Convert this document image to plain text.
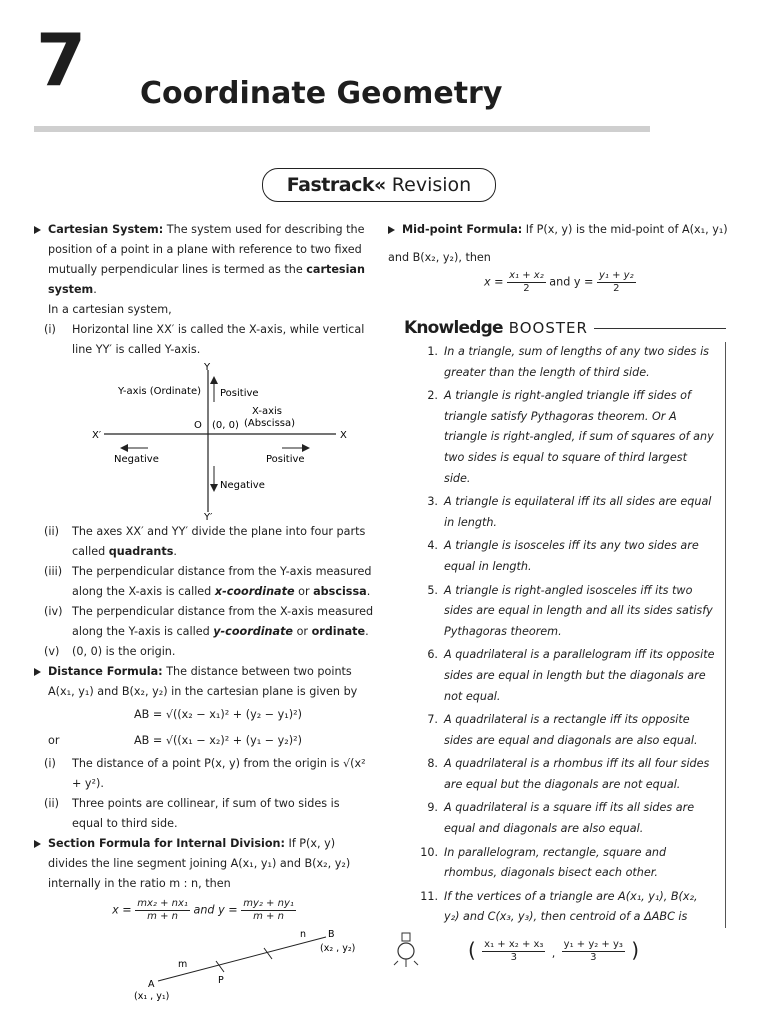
7 Coordinate Geometry
Fastrack« Revision
Cartesian System: The system used for describing the position of a point in a plane with reference to two fixed mutually perpendicular lines is termed as the cartesian system.
In a cartesian system,
(i)	Horizontal line XX′ is called the X-axis, while vertical line YY′ is called Y-axis.
Y
Y′
X′	X
Y-axis (Ordinate)
X-axis
(Abscissa)
O (0, 0)
Positive
Positive
Negative
Negative
(ii)	The axes XX′ and YY′ divide the plane into four parts called quadrants.
(iii) The perpendicular distance from the Y-axis measured along the X-axis is called x-coordinate or abscissa.
(iv) The perpendicular distance from the X-axis measured along the Y-axis is called y-coordinate or ordinate.
(v)	(0, 0) is the origin.
Distance Formula: The distance between two points A(x₁, y₁) and B(x₂, y₂) in the cartesian plane is given by
AB = √((x₂ − x₁)² + (y₂ − y₁)²)
or	AB = √((x₁ − x₂)² + (y₁ − y₂)²)
(i)	The distance of a point P(x, y) from the origin is √(x² + y²).
(ii)	Three points are collinear, if sum of two sides is equal to third side.
Section Formula for Internal Division: If P(x, y) divides the line segment joining A(x₁, y₁) and B(x₂, y₂) internally in the ratio m : n, then
$x = \frac{\text{mx₂ + nx₁}}{m + n}$ and $y = \frac{\text{my₂ + ny₁}}{m + n}$
A
(x₁ , y₁)
B
(x₂ , y₂)
P
m
n
Mid-point Formula: If P(x, y) is the mid-point of A(x₁, y₁)
and B(x₂, y₂), then
$x = \frac{\text{x₁ + x₂}}{2}$ and $y = \frac{\text{y₁ + y₂}}{2}$
Knowledge BOOSTER
1. In a triangle, sum of lengths of any two sides is greater than the length of third side.
2. A triangle is right-angled triangle iff sides of triangle satisfy Pythagoras theorem. Or A triangle is right-angled, if sum of squares of any two sides is equal to square of third largest side.
3. A triangle is equilateral iff its all sides are equal in length.
4. A triangle is isosceles iff its any two sides are equal in length.
5. A triangle is right-angled isosceles iff its two sides are equal in length and all its sides satisfy Pythagoras theorem.
6. A quadrilateral is a parallelogram iff its opposite sides are equal in length but the diagonals are not equal.
7. A quadrilateral is a rectangle iff its opposite sides are equal and diagonals are also equal.
8. A quadrilateral is a rhombus iff its all four sides are equal but the diagonals are not equal.
9. A quadrilateral is a square iff its all sides are equal and diagonals are also equal.
10. In parallelogram, rectangle, square and rhombus, diagonals bisect each other.
11. If the vertices of a triangle are A(x₁, y₁), B(x₂, y₂) and C(x₃, y₃), then centroid of a ΔABC is
( $\frac{\text{x₁ + x₂ + x₃}}{3}$ , $\frac{\text{y₁ + y₂ + y₃}}{3}$ )
